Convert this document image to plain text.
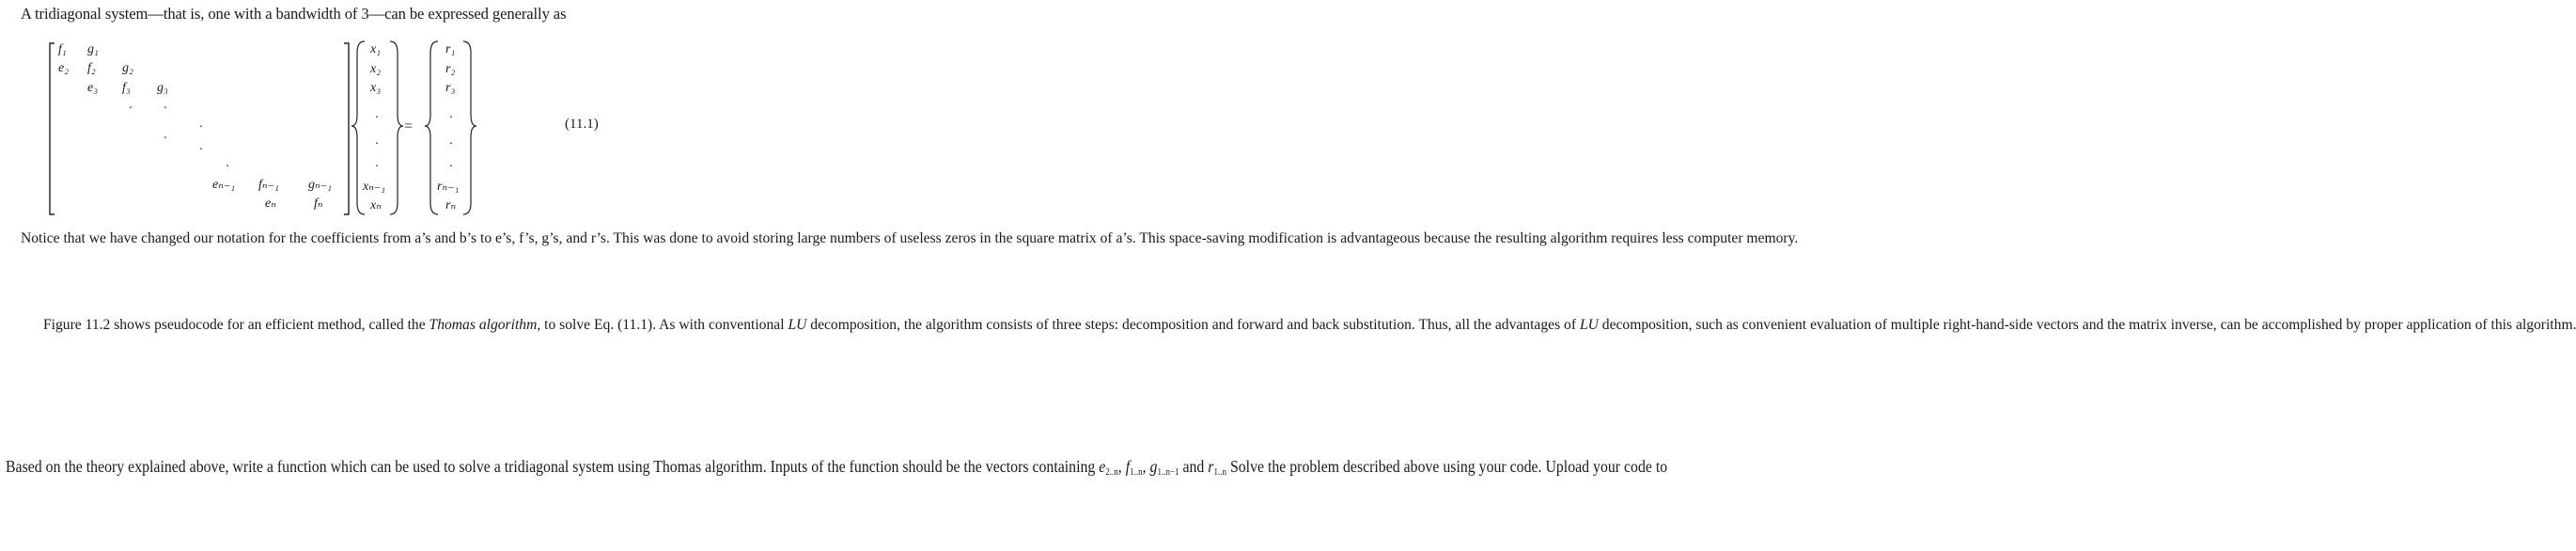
A tridiagonal system—that is, one with a bandwidth of 3—can be expressed generally as
f₁ g₁
e₂ f₂ g₂
e₃ f₃ g₃
· ·
·
·
·
·
eₙ₋₁ fₙ₋₁ gₙ₋₁
eₙ	fₙ
x₁
x₂
x₃
·
·
·
xₙ₋₁
xₙ
=
r₁
r₂
r₃
·
·
·
rₙ₋₁
rₙ
(11.1)
Notice that we have changed our notation for the coefficients from a’s and b’s to e’s, f’s, g’s, and r’s. This was done to avoid storing large numbers of useless zeros in the square matrix of a’s. This space-saving modification is advantageous because the resulting algorithm requires less computer memory.
Figure 11.2 shows pseudocode for an efficient method, called the Thomas algorithm, to solve Eq. (11.1). As with conventional LU decomposition, the algorithm consists of three steps: decomposition and forward and back substitution. Thus, all the advantages of LU decomposition, such as convenient evaluation of multiple right-hand-side vectors and the matrix inverse, can be accomplished by proper application of this algorithm.
Based on the theory explained above, write a function which can be used to solve a tridiagonal system using Thomas algorithm. Inputs of the function should be the vectors containing $e_{2..n}$, $f_{1..n}$, $g_{1..n-1}$ and $r_{1..n}$ Solve the problem described above using your code. Upload your code to
